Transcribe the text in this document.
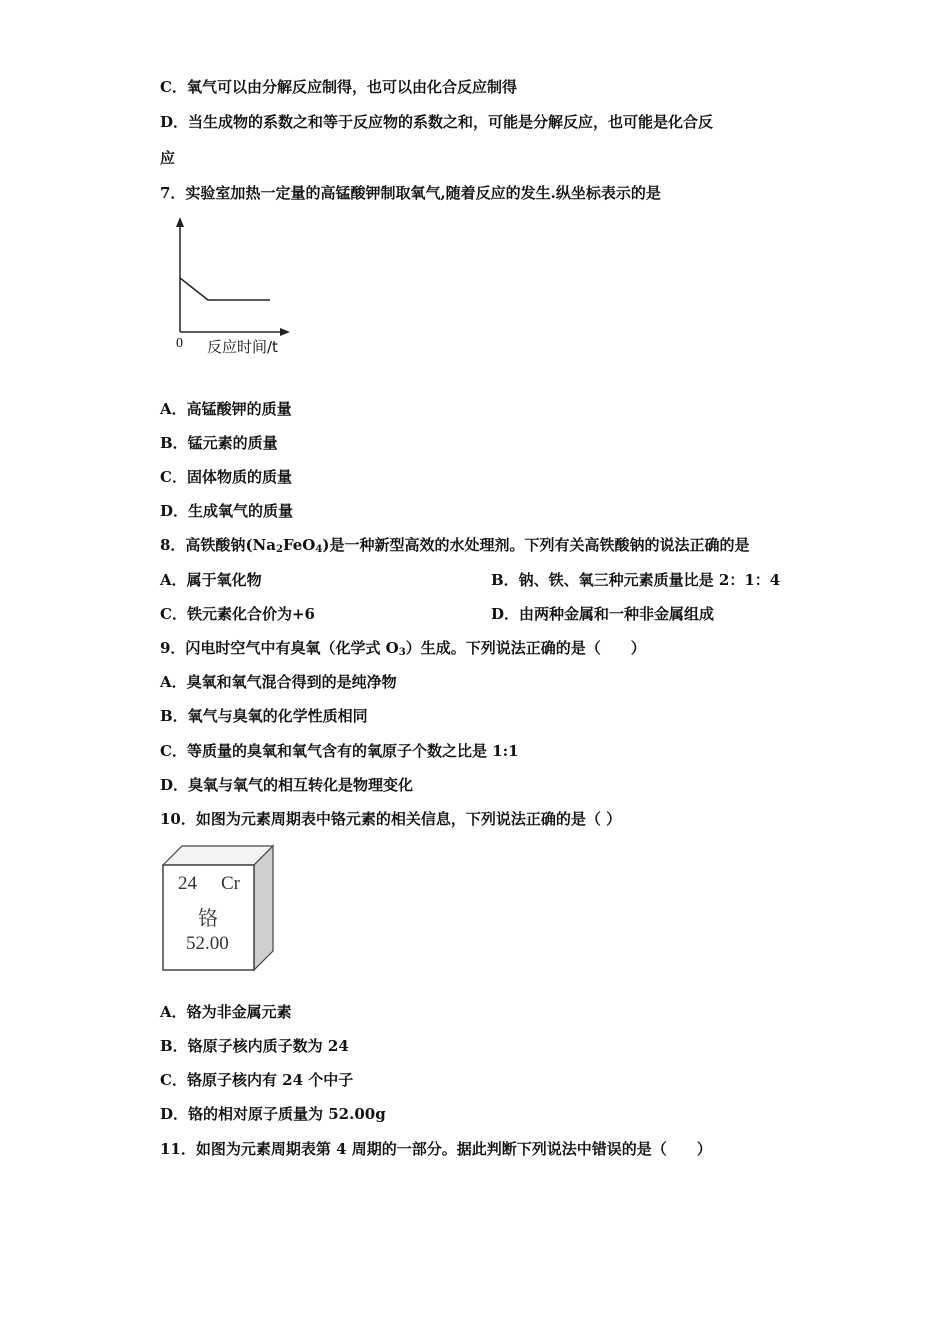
C．氧气可以由分解反应制得，也可以由化合反应制得
D．当生成物的系数之和等于反应物的系数之和，可能是分解反应，也可能是化合反
应
7．实验室加热一定量的高锰酸钾制取氧气,随着反应的发生.纵坐标表示的是
0 反应时间/t
A．高锰酸钾的质量
B．锰元素的质量
C．固体物质的质量
D．生成氧气的质量
8．高铁酸钠$(Na_2FeO_4)$是一种新型高效的水处理剂。下列有关高铁酸钠的说法正确的是
A．属于氧化物	B．钠、铁、氧三种元素质量比是 2：1：4
C．铁元素化合价为+6	D．由两种金属和一种非金属组成
9．闪电时空气中有臭氧（化学式 $O_3$）生成。下列说法正确的是（　　）
A．臭氧和氧气混合得到的是纯净物
B．氧气与臭氧的化学性质相同
C．等质量的臭氧和氧气含有的氧原子个数之比是 1:1
D．臭氧与氧气的相互转化是物理变化
10．如图为元素周期表中铬元素的相关信息，下列说法正确的是（ ）
24 Cr
铬
52.00
A．铬为非金属元素
B．铬原子核内质子数为 24
C．铬原子核内有 24 个中子
D．铬的相对原子质量为 52.00g
11．如图为元素周期表第 4 周期的一部分。据此判断下列说法中错误的是（　　）
